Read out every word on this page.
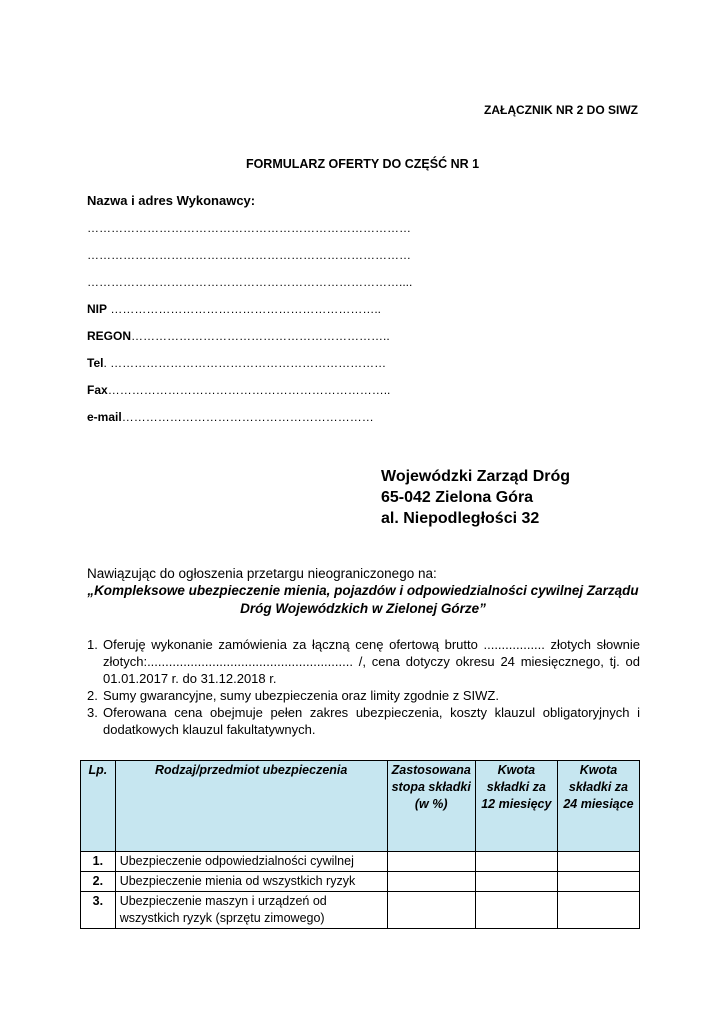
ZAŁĄCZNIK NR 2 DO SIWZ
FORMULARZ OFERTY DO CZĘŚĆ NR 1
Nazwa i adres Wykonawcy:
………………………………………………………………………
………………………………………………………………………
……………………………………………………………………....
NIP …………………………………………………………..
REGON………………………………………………………..
Tel. ……………………………………………………………
Fax……………………………………………………………..
e-mail………………………………………………………
Wojewódzki Zarząd Dróg
65-042 Zielona Góra
al. Niepodległości 32
Nawiązując do ogłoszenia przetargu nieograniczonego na:
„Kompleksowe ubezpieczenie mienia, pojazdów i odpowiedzialności cywilnej Zarządu Dróg Wojewódzkich w Zielonej Górze”
1. Oferuję wykonanie zamówienia za łączną cenę ofertową brutto ................. złotych słownie złotych:......................................................... /, cena dotyczy okresu 24 miesięcznego, tj. od 01.01.2017 r. do 31.12.2018 r.
2. Sumy gwarancyjne, sumy ubezpieczenia oraz limity zgodnie z SIWZ.
3. Oferowana cena obejmuje pełen zakres ubezpieczenia, koszty klauzul obligatoryjnych i dodatkowych klauzul fakultatywnych.
Lp.	Rodzaj/przedmiot ubezpieczenia	Zastosowana stopa składki (w %)	Kwota składki za 12 miesięcy	Kwota składki za 24 miesiące
1.	Ubezpieczenie odpowiedzialności cywilnej			
2.	Ubezpieczenie mienia od wszystkich ryzyk			
3.	Ubezpieczenie maszyn i urządzeń od wszystkich ryzyk (sprzętu zimowego)			
